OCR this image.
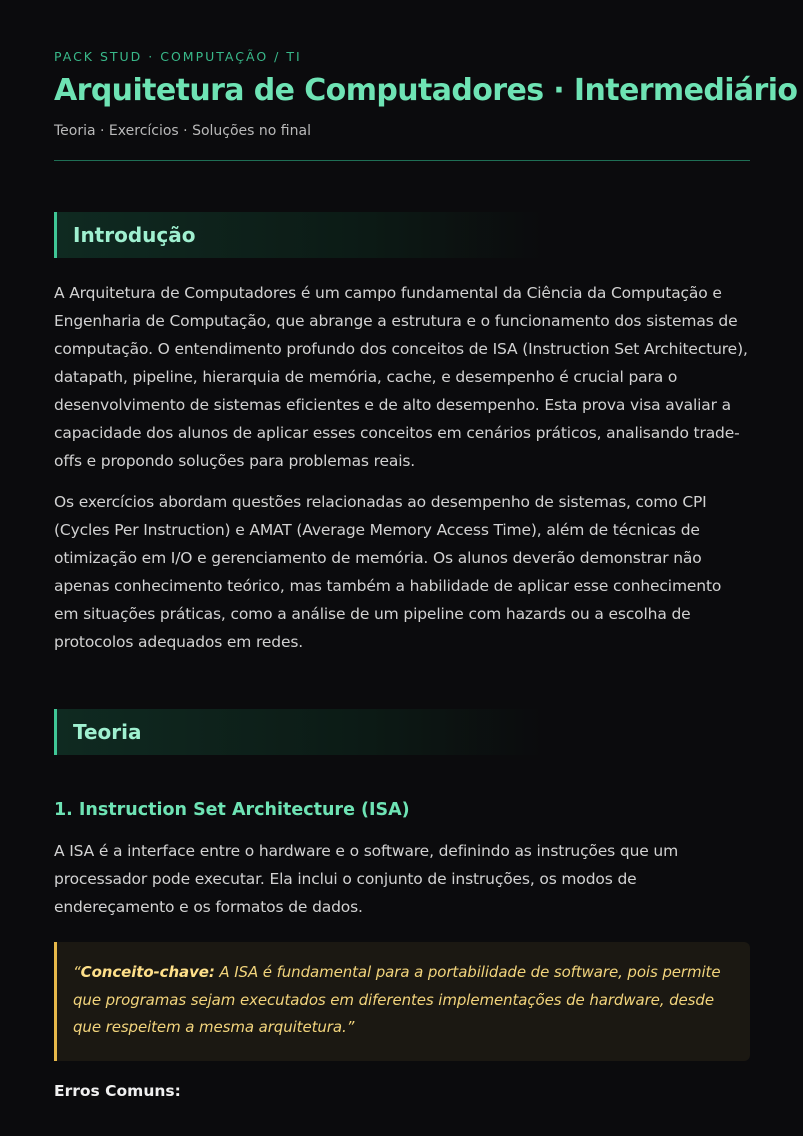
PACK STUD · COMPUTAÇÃO / TI
Arquitetura de Computadores · Intermediário
Teoria · Exercícios · Soluções no final
Introdução

A Arquitetura de Computadores é um campo fundamental da Ciência da Computação e Engenharia de Computação, que abrange a estrutura e o funcionamento dos sistemas de computação. O entendimento profundo dos conceitos de ISA (Instruction Set Architecture), datapath, pipeline, hierarquia de memória, cache, e desempenho é crucial para o desenvolvimento de sistemas eficientes e de alto desempenho. Esta prova visa avaliar a capacidade dos alunos de aplicar esses conceitos em cenários práticos, analisando trade-offs e propondo soluções para problemas reais.

Os exercícios abordam questões relacionadas ao desempenho de sistemas, como CPI (Cycles Per Instruction) e AMAT (Average Memory Access Time), além de técnicas de otimização em I/O e gerenciamento de memória. Os alunos deverão demonstrar não apenas conhecimento teórico, mas também a habilidade de aplicar esse conhecimento em situações práticas, como a análise de um pipeline com hazards ou a escolha de protocolos adequados em redes.

Teoria
1. Instruction Set Architecture (ISA)

A ISA é a interface entre o hardware e o software, definindo as instruções que um processador pode executar. Ela inclui o conjunto de instruções, os modos de endereçamento e os formatos de dados.

“Conceito-chave: A ISA é fundamental para a portabilidade de software, pois permite que programas sejam executados em diferentes implementações de hardware, desde que respeitem a mesma arquitetura.”
Erros Comuns:
